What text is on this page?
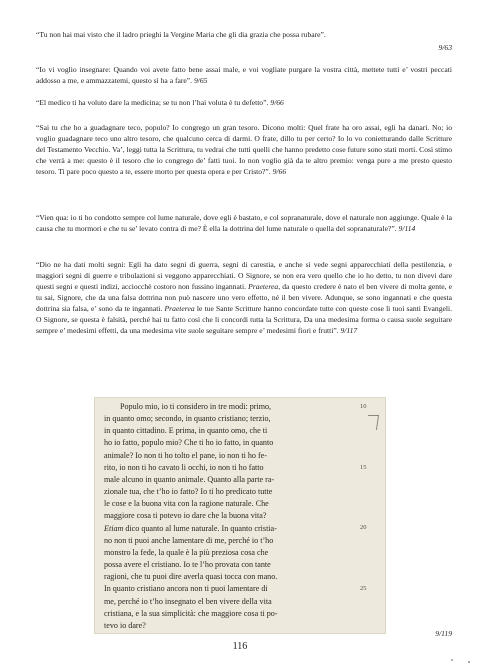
“Tu non hai mai visto che il ladro prieghi la Vergine Maria che gli dia grazia che possa rubare”.

9/63

“Io vi voglio insegnare: Quando voi avete fatto bene assai male, e voi vogliate purgare la vostra città, mettete tutti e’ vostri peccati addosso a me, e ammazzatemi, questo sì ha a fare”. 9/65

“El medico ti ha voluto dare la medicina; se tu non l’hai voluta è tu defetto”. 9/66

“Sai tu che ho a guadagnare teco, populo? Io congrego un gran tesoro. Dicono molti: Quel frate ha oro assai, egli ha danari. No; io voglio guadagnare teco uno altro tesoro, che qualcuno cerca di darmi. O frate, dillo tu per certo? Io lo vo conietturando dalle Scritture del Testamento Vecchio. Va’, leggi tutta la Scrittura, tu vedrai che tutti quelli che hanno predetto cose future sono stati morti. Così stimo che verrà a me: questo è il tesoro che io congrego de’ fatti tuoi. Io non voglio già da te altro premio: venga pure a me presto questo tesoro. Ti pare poco questo a te, essere morto per questa opera e per Cristo?”. 9/66

“Vien qua: io ti ho condotto sempre col lume naturale, dove egli è bastato, e col sopranaturale, dove el naturale non aggiunge. Quale è la causa che tu mormori e che tu se’ levato contra di me? È ella la dottrina del lume naturale o quella del sopranaturale?”. 9/114

“Dio ne ha dati molti segni: Egli ha dato segni di guerra, segni di carestia, e anche si vede segni apparecchiati della pestilenzia, e maggiori segni di guerre e tribulazioni si veggono apparecchiati. O Signore, se non era vero quello che io ho detto, tu non divevi dare questi segni e questi indizi, acciocchè costoro non fussino ingannati. Praeterea, da questo credere è nato el ben vivere di molta gente, e tu sai, Signore, che da una falsa dottrina non può nascere uno vero effetto, né il ben vivere. Adunque, se sono ingannati e che questa dottrina sia falsa, e’ sono da te ingannati. Praeterea le tue Sante Scritture hanno concordate tutte con queste cose li tuoi santi Evangeli. O Signore, se questa è falsità, perché hai tu fatto così che li concordi tutta la Scrittura, Da una medesima forma o causa suole seguitare sempre e’ medesimi effetti, da una medesima vite suole seguitare sempre e’ medesimi fiori e frutti”. 9/117

Populo mio, io ti considero in tre modi: primo,
in quanto omo; secondo, in quanto cristiano; terzio,
in quanto cittadino. E prima, in quanto omo, che ti
ho io fatto, populo mio? Che ti ho io fatto, in quanto
animale? Io non ti ho tolto el pane, io non ti ho fe-
rito, io non ti ho cavato li occhi, io non ti ho fatto
male alcuno in quanto animale. Quanto alla parte ra-
zionale tua, che t’ho io fatto? Io ti ho predicato tutte
le cose e la buona vita con la ragione naturale. Che
maggiore cosa ti potevo io dare che la buona vita?
Etiam dico quanto al lume naturale. In quanto cristia-
no non ti puoi anche lamentare di me, perché io t’ho
monstro la fede, la quale è la più preziosa cosa che
possa avere el cristiano. Io te l’ho provata con tante
ragioni, che tu puoi dire averla quasi tocca con mano.
In quanto cristiano ancora non ti puoi lamentare di
me, perché io t’ho insegnato el ben vivere della vita
cristiana, e la sua simplicità: che maggiore cosa ti po-
tevo io dare?
10
15
20
25
9/119
116
